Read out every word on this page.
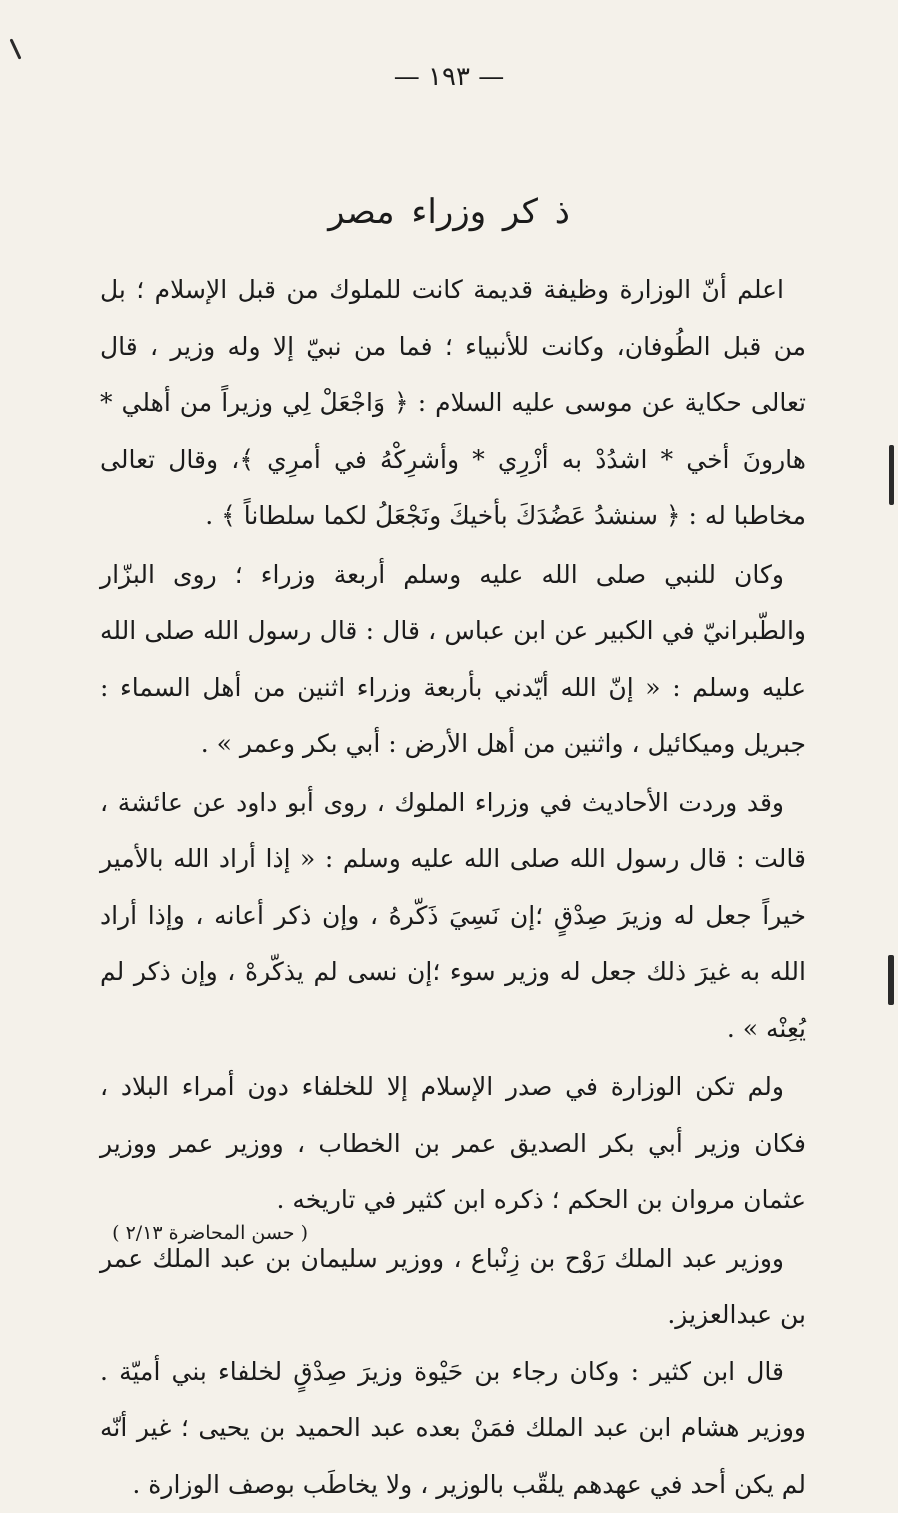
— ١٩٣ —
ذ كر وزراء مصر

اعلم أنّ الوزارة وظيفة قديمة كانت للملوك من قبل الإسلام ؛ بل من قبل الطُوفان، وكانت للأنبياء ؛ فما من نبيّ إلا وله وزير ، قال تعالى حكاية عن موسى عليه السلام : ﴿ وَاجْعَلْ لِي وزيراً من أهلي * هارونَ أخي * اشدُدْ به أزْرِي * وأشرِكْهُ في أمرِي ﴾، وقال تعالى مخاطبا له : ﴿ سنشدُ عَضُدَكَ بأخيكَ ونَجْعَلُ لكما سلطاناً ﴾ .

وكان للنبي صلى الله عليه وسلم أربعة وزراء ؛ روى البزّار والطّبرانيّ في الكبير عن ابن عباس ، قال : قال رسول الله صلى الله عليه وسلم : « إنّ الله أيّدني بأربعة وزراء اثنين من أهل السماء : جبريل وميكائيل ، واثنين من أهل الأرض : أبي بكر وعمر » .

وقد وردت الأحاديث في وزراء الملوك ، روى أبو داود عن عائشة ، قالت : قال رسول الله صلى الله عليه وسلم : « إذا أراد الله بالأمير خيراً جعل له وزيرَ صِدْقٍ ؛إن نَسِيَ ذَكّرهُ ، وإن ذكر أعانه ، وإذا أراد الله به غيرَ ذلك جعل له وزير سوء ؛إن نسى لم يذكّرهْ ، وإن ذكر لم يُعِنْه » .

ولم تكن الوزارة في صدر الإسلام إلا للخلفاء دون أمراء البلاد ، فكان وزير أبي بكر الصديق عمر بن الخطاب ، ووزير عمر ووزير عثمان مروان بن الحكم ؛ ذكره ابن كثير في تاريخه .

ووزير عبد الملك رَوْح بن زِنْباع ، ووزير سليمان بن عبد الملك عمر بن عبدالعزيز.

قال ابن كثير : وكان رجاء بن حَيْوة وزيرَ صِدْقٍ لخلفاء بني أميّة . ووزير هشام ابن عبد الملك فمَنْ بعده عبد الحميد بن يحيى ؛ غير أنّه لم يكن أحد في عهدهم يلقّب بالوزير ، ولا يخاطَب بوصف الوزارة .

( حسن المحاضرة ٢/١٣ )
